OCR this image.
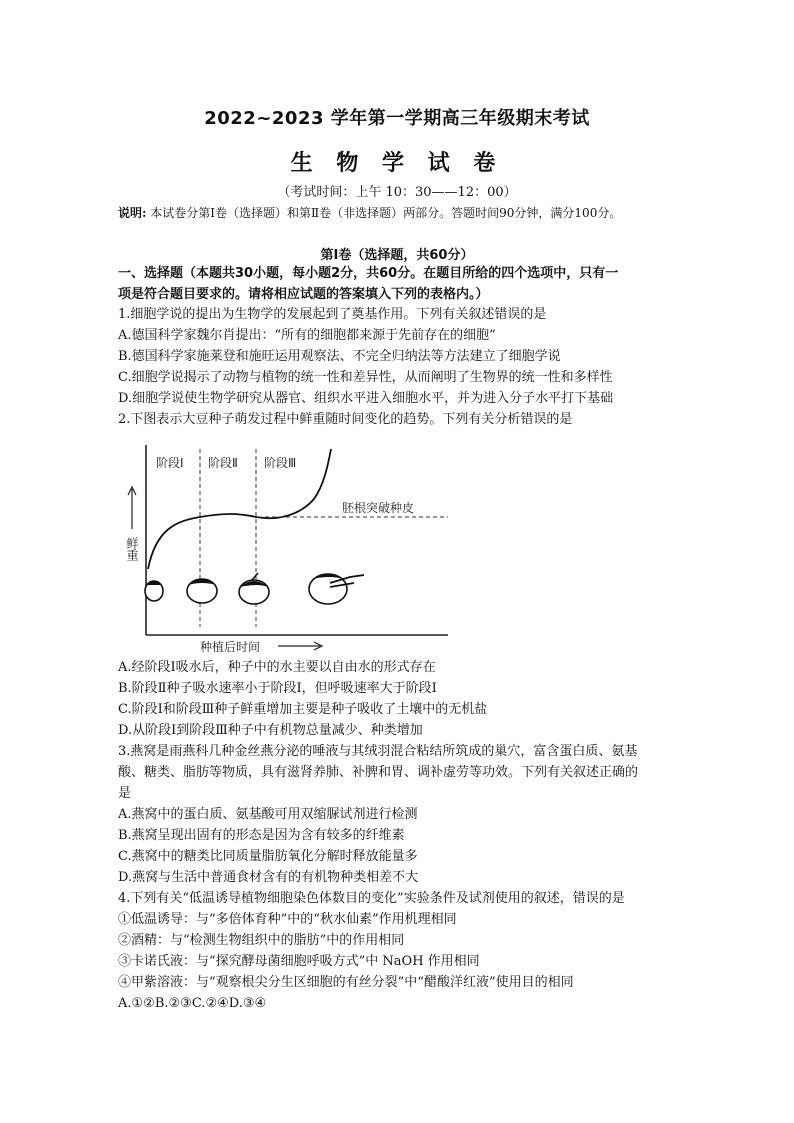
2022~2023 学年第一学期高三年级期末考试
生 物 学 试 卷
（考试时间：上午 10：30——12：00）
说明: 本试卷分第Ⅰ卷（选择题）和第Ⅱ卷（非选择题）两部分。答题时间90分钟，满分100分。
第Ⅰ卷（选择题，共60分）
一、选择题（本题共30小题，每小题2分，共60分。在题目所给的四个选项中，只有一
项是符合题目要求的。请将相应试题的答案填入下列的表格内。）
1.细胞学说的提出为生物学的发展起到了奠基作用。下列有关叙述错误的是
A.德国科学家魏尔肖提出：“所有的细胞都来源于先前存在的细胞”
B.德国科学家施莱登和施旺运用观察法、不完全归纳法等方法建立了细胞学说
C.细胞学说揭示了动物与植物的统一性和差异性，从而阐明了生物界的统一性和多样性
D.细胞学说使生物学研究从器官、组织水平进入细胞水平，并为进入分子水平打下基础
2.下图表示大豆种子萌发过程中鲜重随时间变化的趋势。下列有关分析错误的是
阶段Ⅰ 阶段Ⅱ 阶段Ⅲ
胚根突破种皮
鲜重
种植后时间
A.经阶段Ⅰ吸水后，种子中的水主要以自由水的形式存在
B.阶段Ⅱ种子吸水速率小于阶段Ⅰ，但呼吸速率大于阶段Ⅰ
C.阶段Ⅰ和阶段Ⅲ种子鲜重增加主要是种子吸收了土壤中的无机盐
D.从阶段Ⅰ到阶段Ⅲ种子中有机物总量减少、种类增加
3.燕窝是雨燕科几种金丝燕分泌的唾液与其绒羽混合粘结所筑成的巢穴，富含蛋白质、氨基
酸、糖类、脂肪等物质，具有滋肾养肺、补脾和胃、调补虚劳等功效。下列有关叙述正确的
是
A.燕窝中的蛋白质、氨基酸可用双缩脲试剂进行检测
B.燕窝呈现出固有的形态是因为含有较多的纤维素
C.燕窝中的糖类比同质量脂肪氧化分解时释放能量多
D.燕窝与生活中普通食材含有的有机物种类相差不大
4.下列有关“低温诱导植物细胞染色体数目的变化”实验条件及试剂使用的叙述，错误的是
①低温诱导：与“多倍体育种”中的“秋水仙素”作用机理相同
②酒精：与“检测生物组织中的脂肪”中的作用相同
③卡诺氏液：与“探究酵母菌细胞呼吸方式”中 NaOH 作用相同
④甲紫溶液：与“观察根尖分生区细胞的有丝分裂”中“醋酸洋红液”使用目的相同
A.①②B.②③C.②④D.③④
